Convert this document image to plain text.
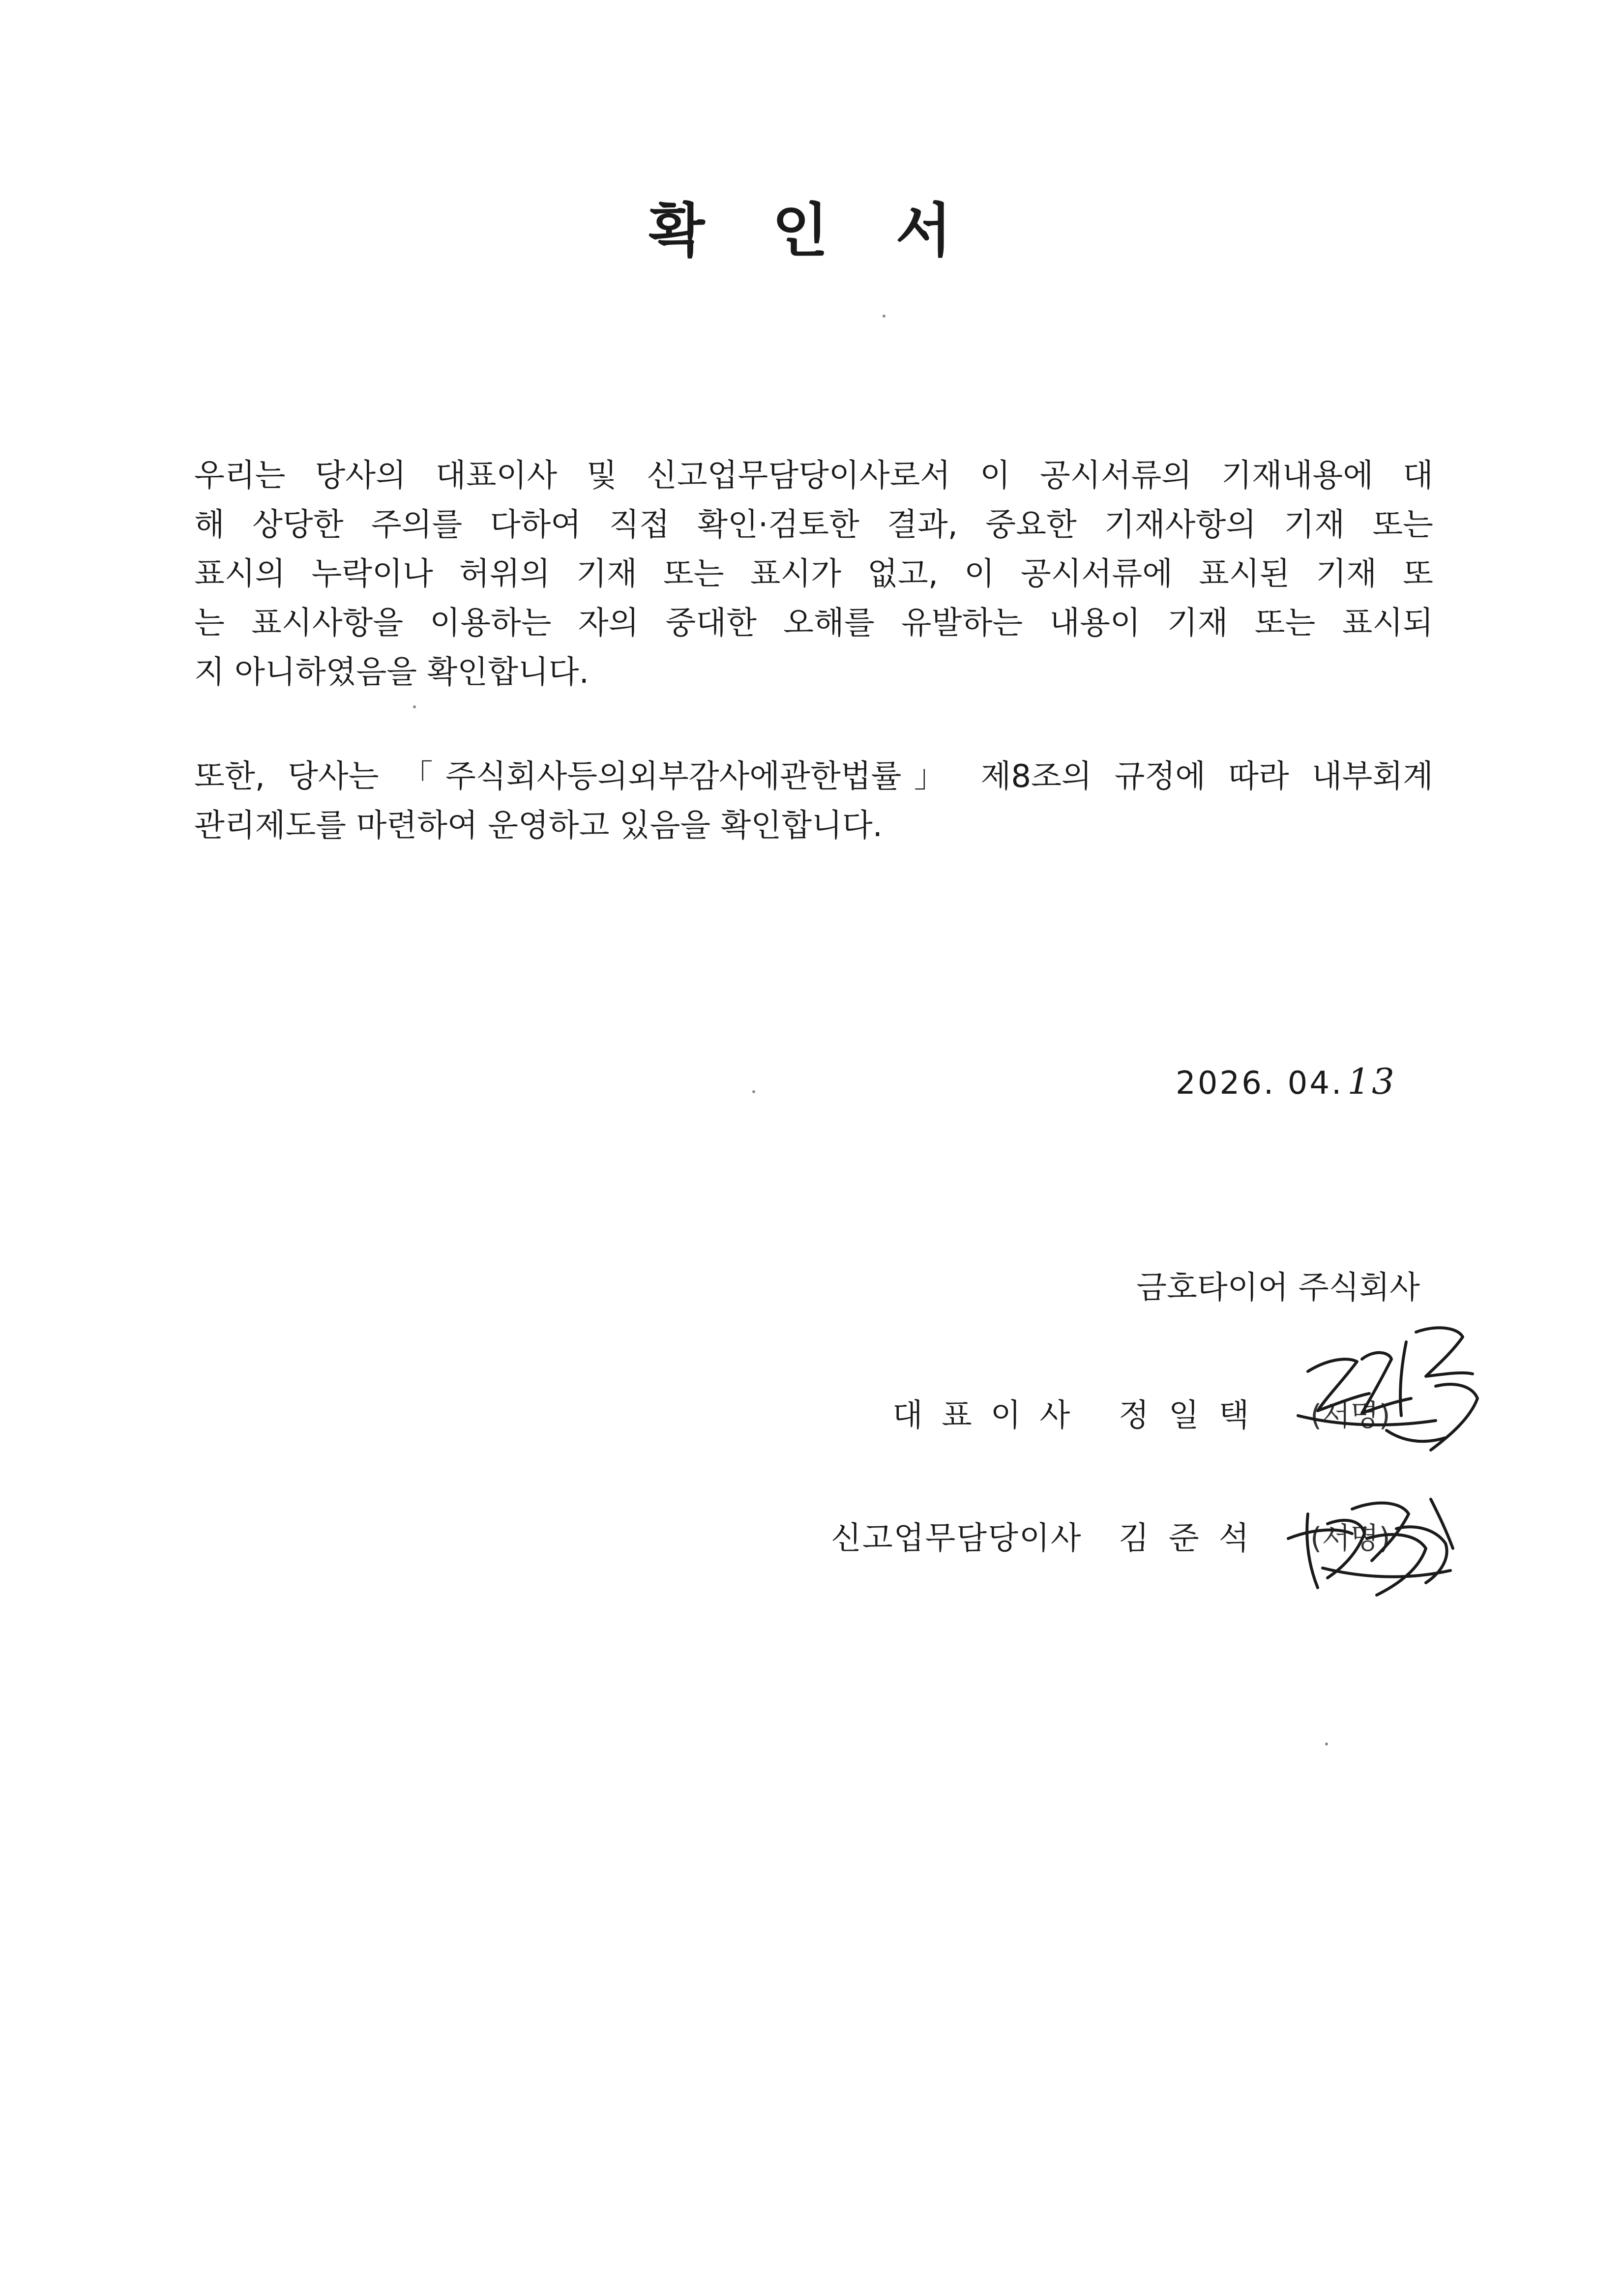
확 인 서
우리는 당사의 대표이사 및 신고업무담당이사로서 이 공시서류의 기재내용에 대
해 상당한 주의를 다하여 직접 확인·검토한 결과, 중요한 기재사항의 기재 또는
표시의 누락이나 허위의 기재 또는 표시가 없고, 이 공시서류에 표시된 기재 또
는 표시사항을 이용하는 자의 중대한 오해를 유발하는 내용이 기재 또는 표시되
지 아니하였음을 확인합니다.
또한, 당사는 「주식회사등의외부감사에관한법률」 제8조의 규정에 따라 내부회계
관리제도를 마련하여 운영하고 있음을 확인합니다.
2026. 04. 13
금호타이어 주식회사
대표이사 정일택 (서명)
신고업무담당이사 김준석 (서명)
